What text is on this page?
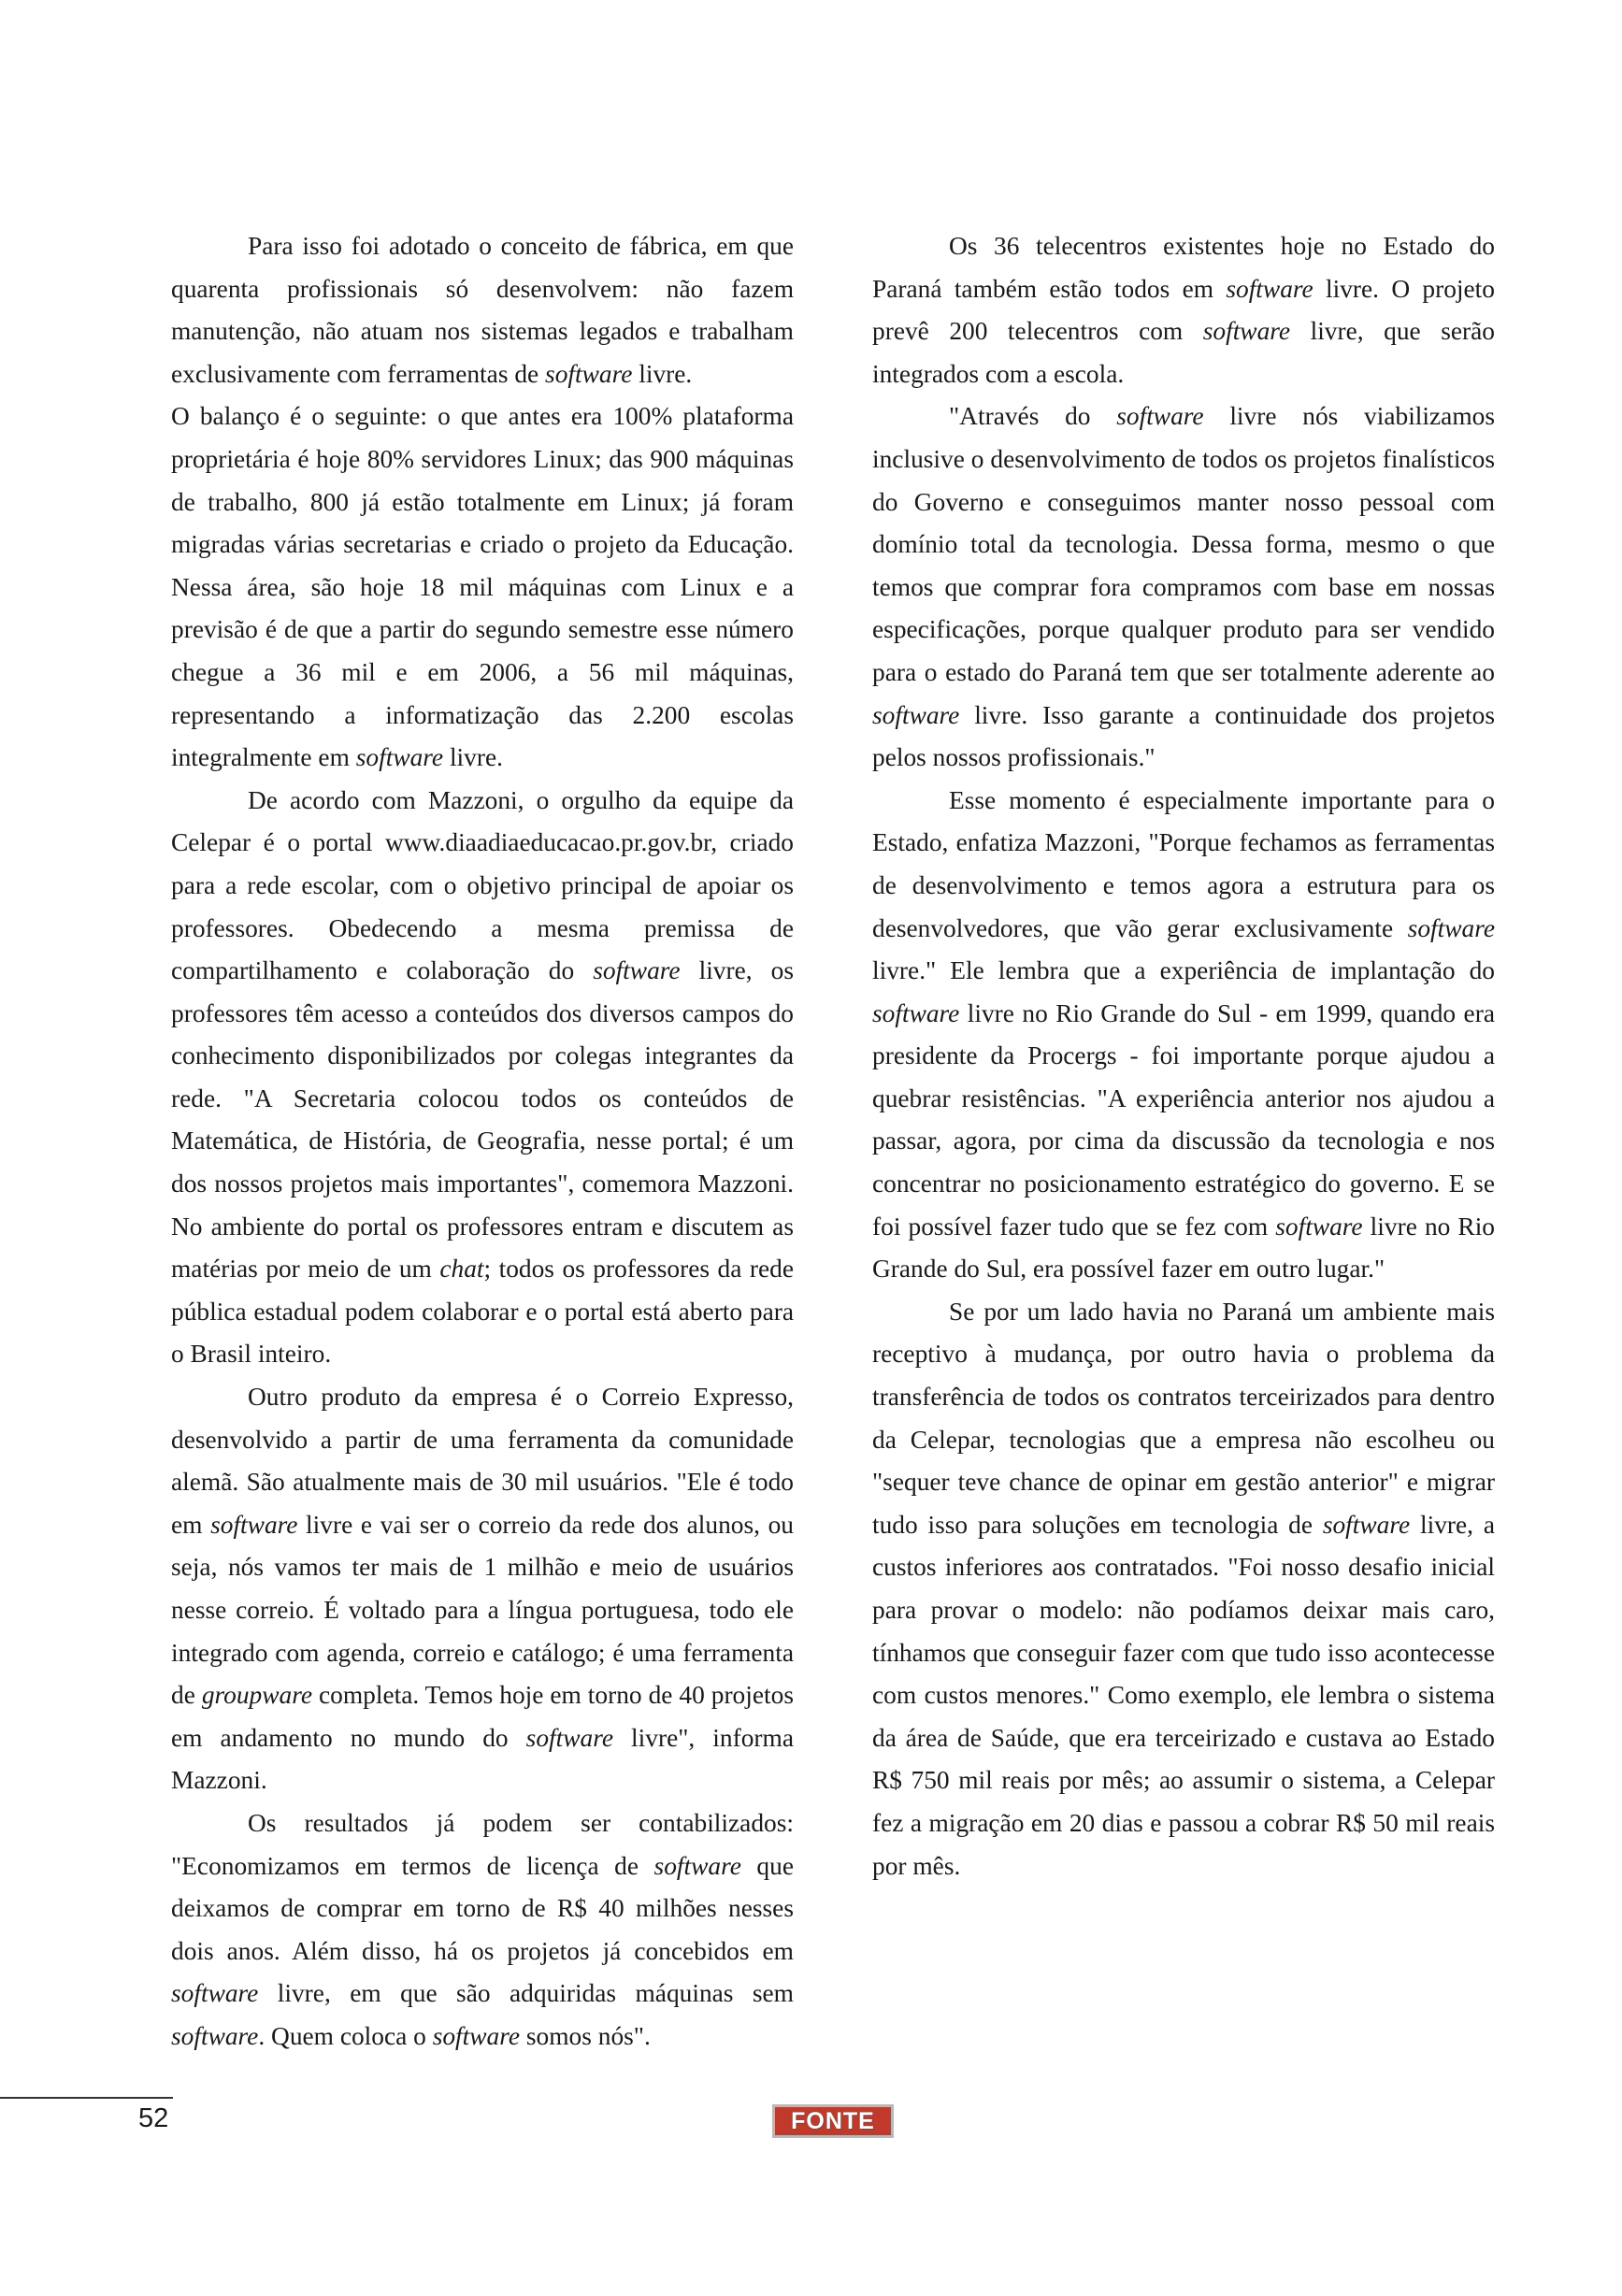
Para isso foi adotado o conceito de fábrica, em que quarenta profissionais só desenvolvem: não fazem manutenção, não atuam nos sistemas legados e trabalham exclusivamente com ferramentas de software livre.

O balanço é o seguinte: o que antes era 100% plataforma proprietária é hoje 80% servidores Linux; das 900 máquinas de trabalho, 800 já estão totalmente em Linux; já foram migradas várias secretarias e criado o projeto da Educação. Nessa área, são hoje 18 mil máquinas com Linux e a previsão é de que a partir do segundo semestre esse número chegue a 36 mil e em 2006, a 56 mil máquinas, representando a informatização das 2.200 escolas integralmente em software livre.

De acordo com Mazzoni, o orgulho da equipe da Celepar é o portal www.diaadiaeducacao.pr.gov.br, criado para a rede escolar, com o objetivo principal de apoiar os professores. Obedecendo a mesma premissa de compartilhamento e colaboração do software livre, os professores têm acesso a conteúdos dos diversos campos do conhecimento disponibilizados por colegas integrantes da rede. "A Secretaria colocou todos os conteúdos de Matemática, de História, de Geografia, nesse portal; é um dos nossos projetos mais importantes", comemora Mazzoni. No ambiente do portal os professores entram e discutem as matérias por meio de um chat; todos os professores da rede pública estadual podem colaborar e o portal está aberto para o Brasil inteiro.

Outro produto da empresa é o Correio Expresso, desenvolvido a partir de uma ferramenta da comunidade alemã. São atualmente mais de 30 mil usuários. "Ele é todo em software livre e vai ser o correio da rede dos alunos, ou seja, nós vamos ter mais de 1 milhão e meio de usuários nesse correio. É voltado para a língua portuguesa, todo ele integrado com agenda, correio e catálogo; é uma ferramenta de groupware completa. Temos hoje em torno de 40 projetos em andamento no mundo do software livre", informa Mazzoni.

Os resultados já podem ser contabilizados: "Economizamos em termos de licença de software que deixamos de comprar em torno de R$ 40 milhões nesses dois anos. Além disso, há os projetos já concebidos em software livre, em que são adquiridas máquinas sem software. Quem coloca o software somos nós".

Os 36 telecentros existentes hoje no Estado do Paraná também estão todos em software livre. O projeto prevê 200 telecentros com software livre, que serão integrados com a escola.

"Através do software livre nós viabilizamos inclusive o desenvolvimento de todos os projetos finalísticos do Governo e conseguimos manter nosso pessoal com domínio total da tecnologia. Dessa forma, mesmo o que temos que comprar fora compramos com base em nossas especificações, porque qualquer produto para ser vendido para o estado do Paraná tem que ser totalmente aderente ao software livre. Isso garante a continuidade dos projetos pelos nossos profissionais."

Esse momento é especialmente importante para o Estado, enfatiza Mazzoni, "Porque fechamos as ferramentas de desenvolvimento e temos agora a estrutura para os desenvolvedores, que vão gerar exclusivamente software livre." Ele lembra que a experiência de implantação do software livre no Rio Grande do Sul - em 1999, quando era presidente da Procergs - foi importante porque ajudou a quebrar resistências. "A experiência anterior nos ajudou a passar, agora, por cima da discussão da tecnologia e nos concentrar no posicionamento estratégico do governo. E se foi possível fazer tudo que se fez com software livre no Rio Grande do Sul, era possível fazer em outro lugar."

Se por um lado havia no Paraná um ambiente mais receptivo à mudança, por outro havia o problema da transferência de todos os contratos terceirizados para dentro da Celepar, tecnologias que a empresa não escolheu ou "sequer teve chance de opinar em gestão anterior" e migrar tudo isso para soluções em tecnologia de software livre, a custos inferiores aos contratados. "Foi nosso desafio inicial para provar o modelo: não podíamos deixar mais caro, tínhamos que conseguir fazer com que tudo isso acontecesse com custos menores." Como exemplo, ele lembra o sistema da área de Saúde, que era terceirizado e custava ao Estado R$ 750 mil reais por mês; ao assumir o sistema, a Celepar fez a migração em 20 dias e passou a cobrar R$ 50 mil reais por mês.

52	FONTE
